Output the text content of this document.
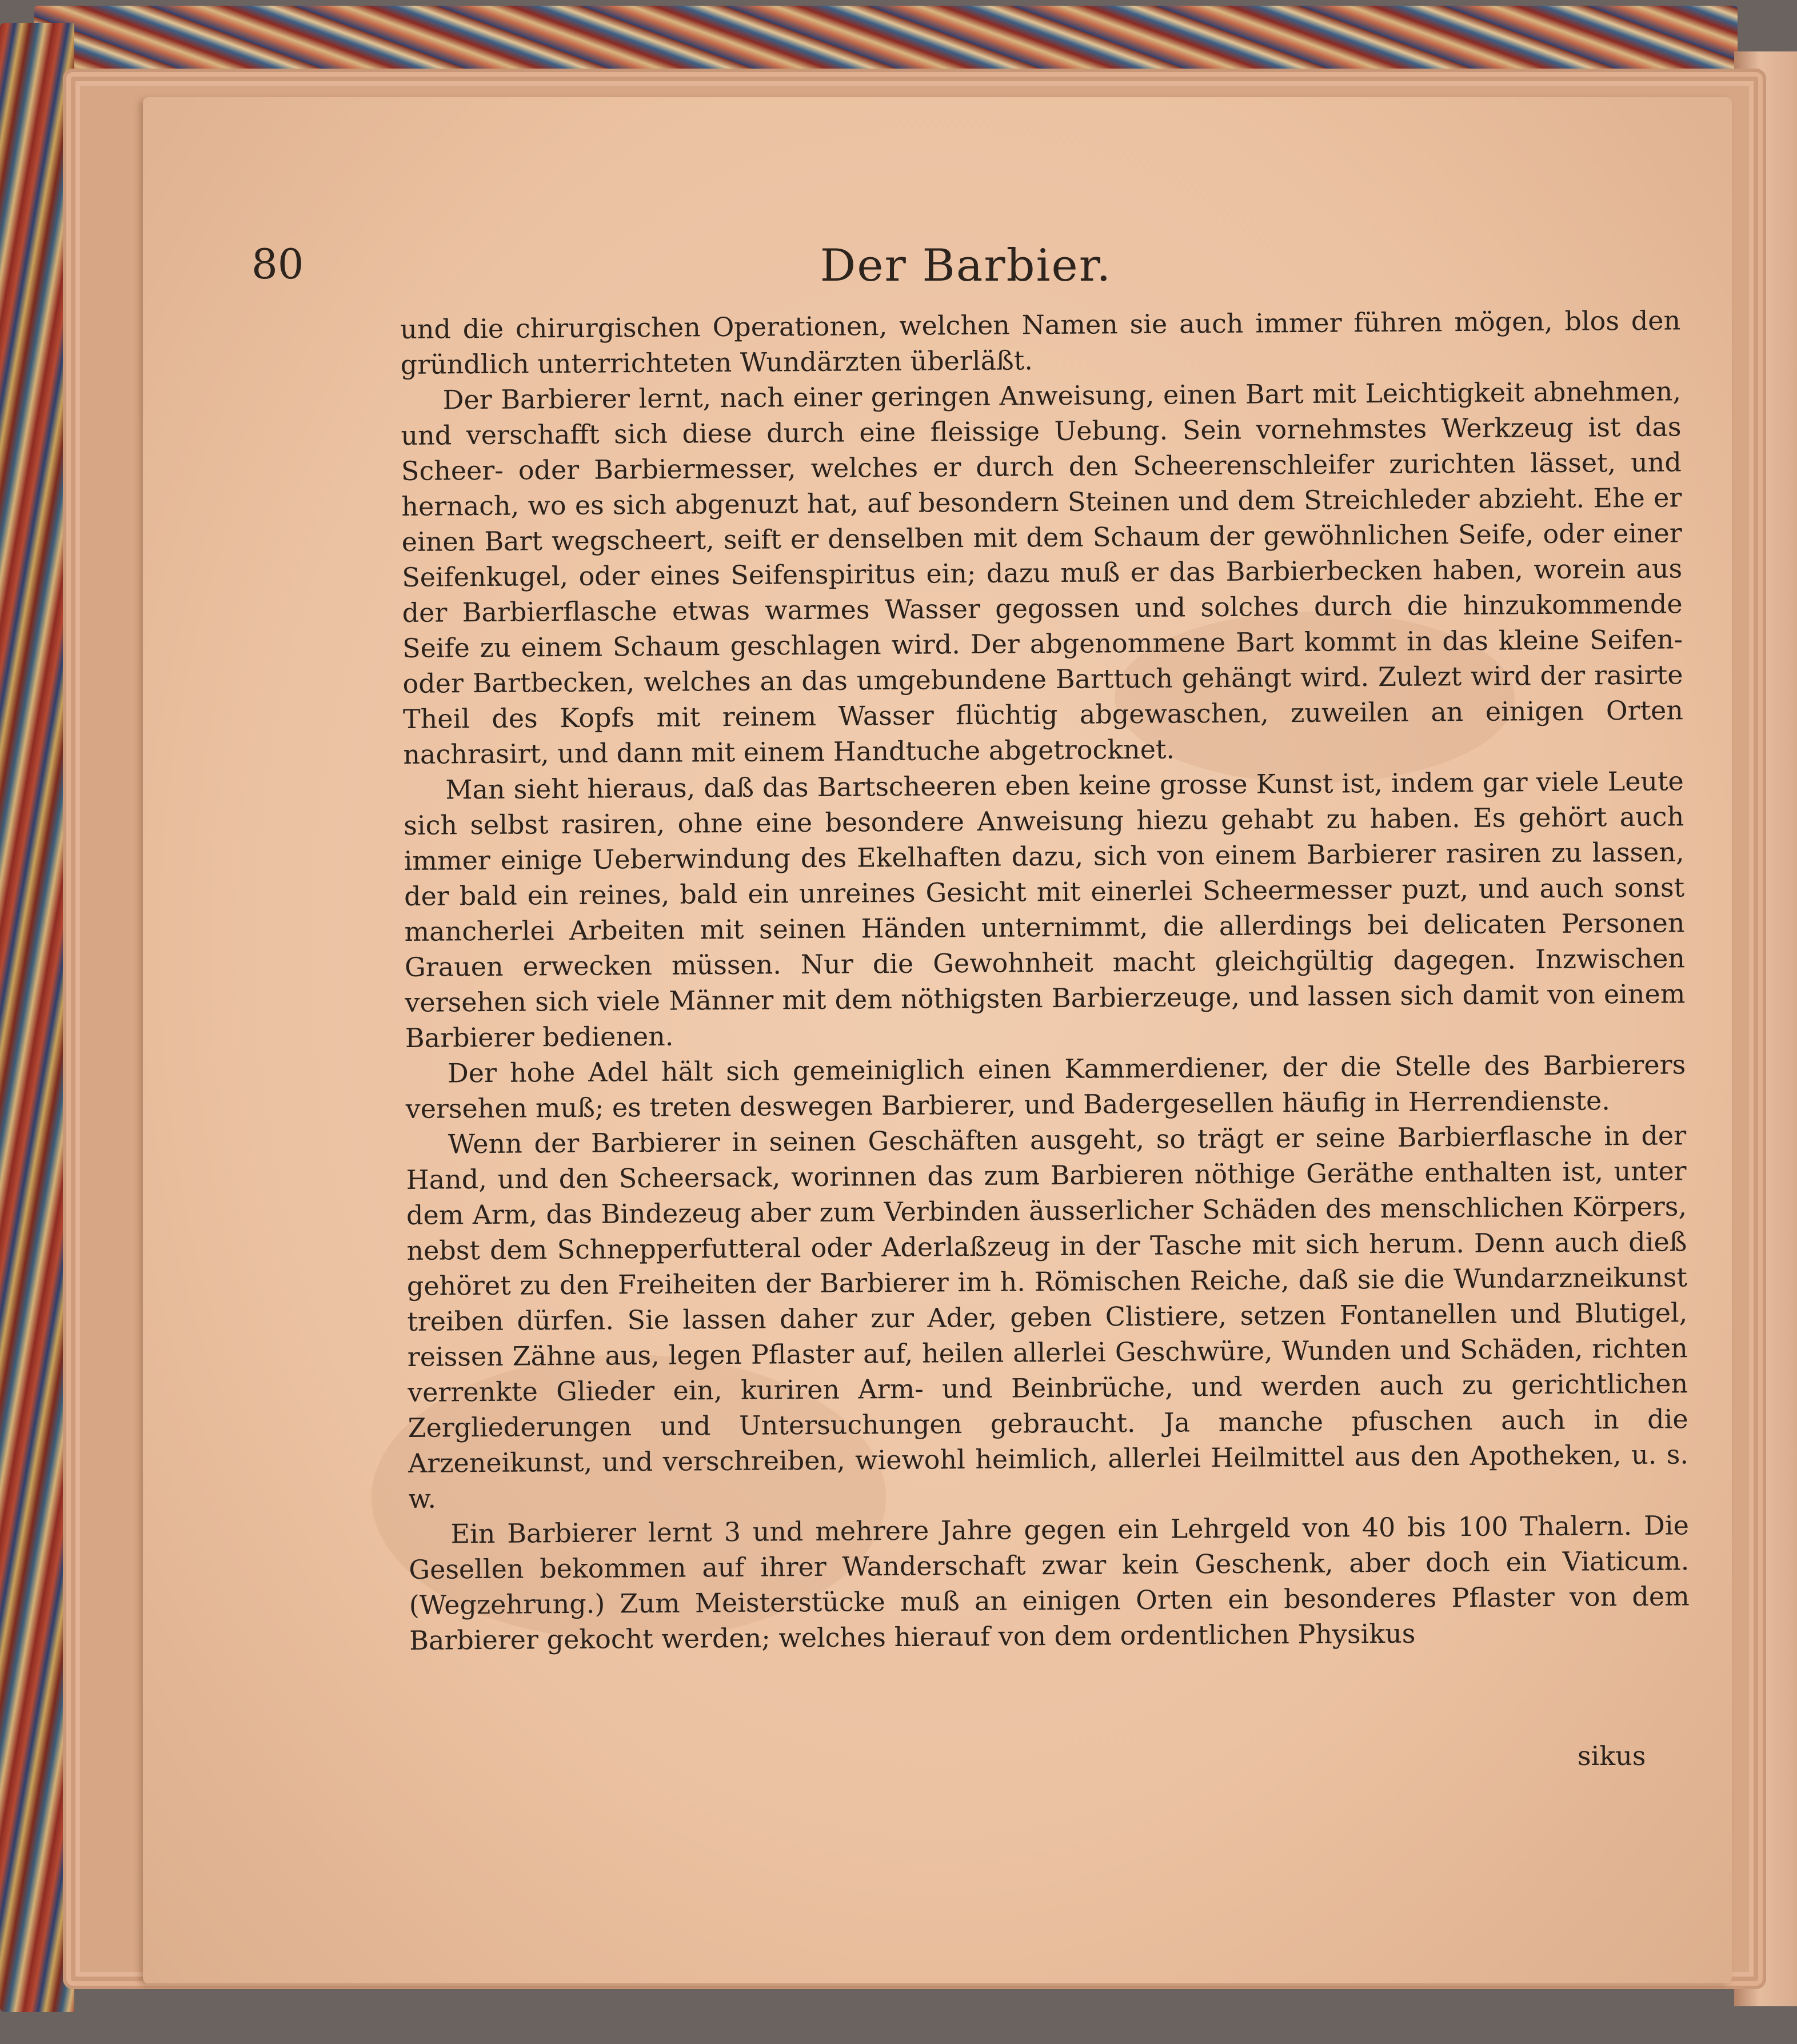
80	Der Barbier.

und die chirurgischen Operationen, welchen Namen sie auch immer führen mögen, blos den gründlich unterrichteten Wundärzten überläßt.

Der Barbierer lernt, nach einer geringen Anweisung, einen Bart mit Leichtigkeit abnehmen, und verschafft sich diese durch eine fleissige Uebung. Sein vornehmstes Werkzeug ist das Scheer- oder Barbiermesser, welches er durch den Scheerenschleifer zurichten lässet, und hernach, wo es sich abgenuzt hat, auf besondern Steinen und dem Streichleder abzieht. Ehe er einen Bart wegscheert, seift er denselben mit dem Schaum der gewöhnlichen Seife, oder einer Seifenkugel, oder eines Seifenspiritus ein; dazu muß er das Barbierbecken haben, worein aus der Barbierflasche etwas warmes Wasser gegossen und solches durch die hinzukommende Seife zu einem Schaum geschlagen wird. Der abgenommene Bart kommt in das kleine Seifen- oder Bartbecken, welches an das umgebundene Barttuch gehängt wird. Zulezt wird der rasirte Theil des Kopfs mit reinem Wasser flüchtig abgewaschen, zuweilen an einigen Orten nachrasirt, und dann mit einem Handtuche abgetrocknet.

Man sieht hieraus, daß das Bartscheeren eben keine grosse Kunst ist, indem gar viele Leute sich selbst rasiren, ohne eine besondere Anweisung hiezu gehabt zu haben. Es gehört auch immer einige Ueberwindung des Ekelhaften dazu, sich von einem Barbierer rasiren zu lassen, der bald ein reines, bald ein unreines Gesicht mit einerlei Scheermesser puzt, und auch sonst mancherlei Arbeiten mit seinen Händen unternimmt, die allerdings bei delicaten Personen Grauen erwecken müssen. Nur die Gewohnheit macht gleichgültig dagegen. Inzwischen versehen sich viele Männer mit dem nöthigsten Barbierzeuge, und lassen sich damit von einem Barbierer bedienen.

Der hohe Adel hält sich gemeiniglich einen Kammerdiener, der die Stelle des Barbierers versehen muß; es treten deswegen Barbierer, und Badergesellen häufig in Herrendienste.

Wenn der Barbierer in seinen Geschäften ausgeht, so trägt er seine Barbierflasche in der Hand, und den Scheersack, worinnen das zum Barbieren nöthige Geräthe enthalten ist, unter dem Arm, das Bindezeug aber zum Verbinden äusserlicher Schäden des menschlichen Körpers, nebst dem Schnepperfutteral oder Aderlaßzeug in der Tasche mit sich herum. Denn auch dieß gehöret zu den Freiheiten der Barbierer im h. Römischen Reiche, daß sie die Wundarzneikunst treiben dürfen. Sie lassen daher zur Ader, geben Clistiere, setzen Fontanellen und Blutigel, reissen Zähne aus, legen Pflaster auf, heilen allerlei Geschwüre, Wunden und Schäden, richten verrenkte Glieder ein, kuriren Arm- und Beinbrüche, und werden auch zu gerichtlichen Zergliederungen und Untersuchungen gebraucht. Ja manche pfuschen auch in die Arzeneikunst, und verschreiben, wiewohl heimlich, allerlei Heilmittel aus den Apotheken, u. s. w.

Ein Barbierer lernt 3 und mehrere Jahre gegen ein Lehrgeld von 40 bis 100 Thalern. Die Gesellen bekommen auf ihrer Wanderschaft zwar kein Geschenk, aber doch ein Viaticum. (Wegzehrung.) Zum Meisterstücke muß an einigen Orten ein besonderes Pflaster von dem Barbierer gekocht werden; welches hierauf von dem ordentlichen Physikus

sikus
